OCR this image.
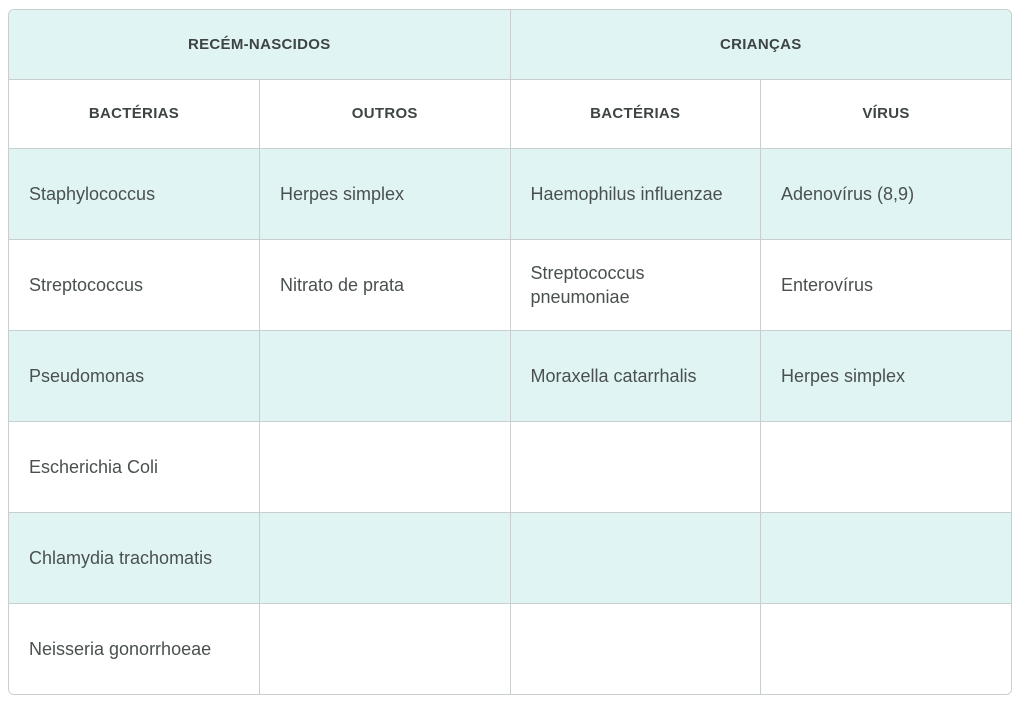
RECÉM-NASCIDOS		CRIANÇAS	
BACTÉRIAS	OUTROS	BACTÉRIAS	VÍRUS
Staphylococcus	Herpes simplex	Haemophilus influenzae	Adenovírus (8,9)
Streptococcus	Nitrato de prata	Streptococcus pneumoniae	Enterovírus
Pseudomonas		Moraxella catarrhalis	Herpes simplex
Escherichia Coli			
Chlamydia trachomatis			
Neisseria gonorrhoeae			
